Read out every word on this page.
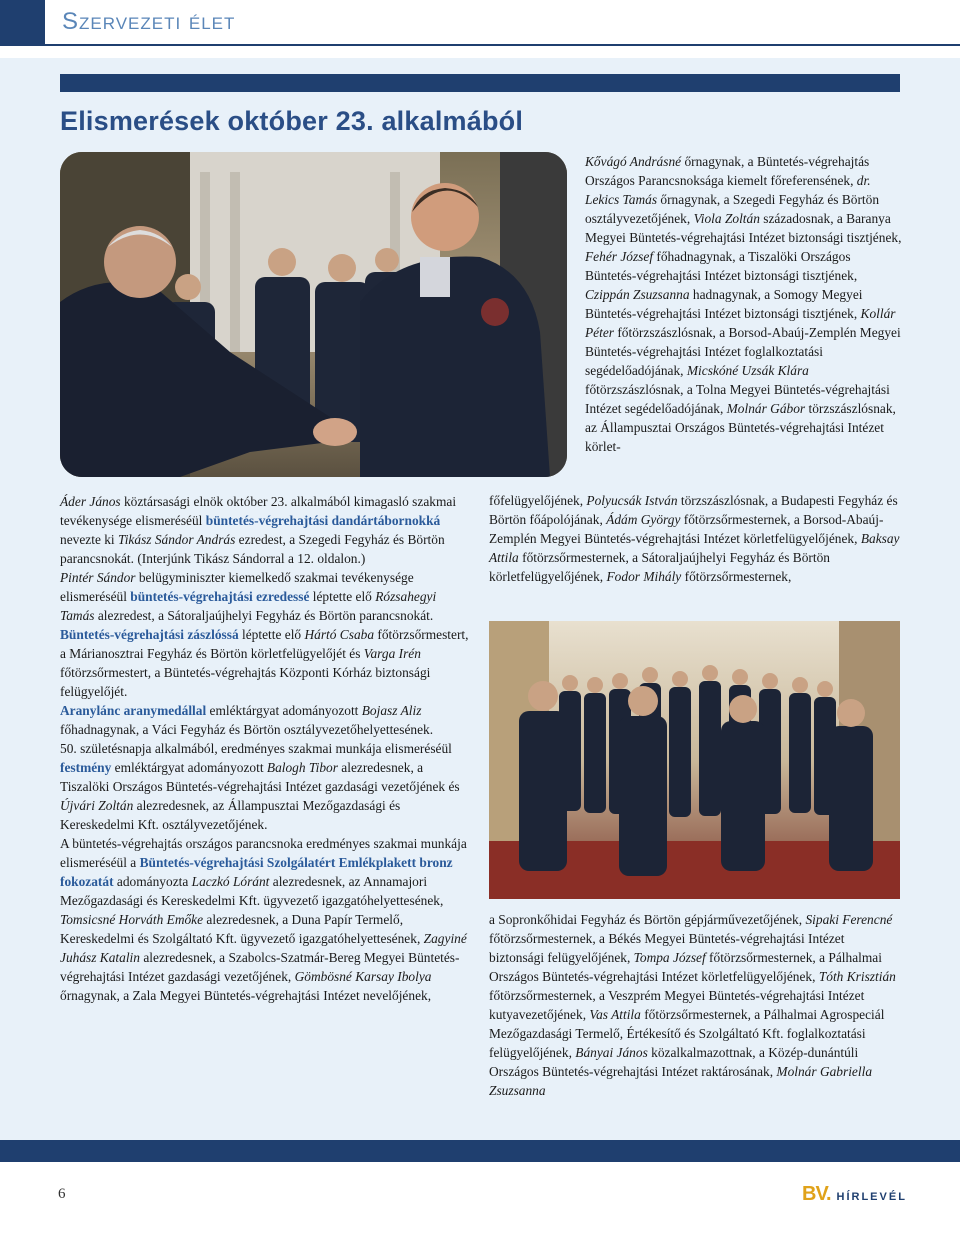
Szervezeti élet
Elismerések október 23. alkalmából

Áder János köztársasági elnök október 23. alkalmából kimagasló szakmai tevékenysége elismeréséül büntetés-végrehajtási dandártábornokká nevezte ki Tikász Sándor András ezredest, a Szegedi Fegyház és Börtön parancsnokát. (Interjúnk Tikász Sándorral a 12. oldalon.)

Pintér Sándor belügyminiszter kiemelkedő szakmai tevékenysége elismeréséül büntetés-végrehajtási ezredessé léptette elő Rózsahegyi Tamás alezredest, a Sátoraljaújhelyi Fegyház és Börtön parancsnokát.

Büntetés-végrehajtási zászlóssá léptette elő Hártó Csaba főtörzsőrmestert, a Márianosztrai Fegyház és Börtön körletfelügyelőjét és Varga Irén főtörzsőrmestert, a Büntetés-végrehajtás Központi Kórház biztonsági felügyelőjét.

Aranylánc aranymedállal emléktárgyat adományozott Bojasz Aliz főhadnagynak, a Váci Fegyház és Börtön osztályvezetőhelyettesének.

50. születésnapja alkalmából, eredményes szakmai munkája elismeréséül festmény emléktárgyat adományozott Balogh Tibor alezredesnek, a Tiszalöki Országos Büntetés-végrehajtási Intézet gazdasági vezetőjének és Újvári Zoltán alezredesnek, az Állampusztai Mezőgazdasági és Kereskedelmi Kft. osztályvezetőjének.

A büntetés-végrehajtás országos parancsnoka eredményes szakmai munkája elismeréséül a Büntetés-végrehajtási Szolgálatért Emlékplakett bronz fokozatát adományozta Laczkó Lóránt alezredesnek, az Annamajori Mezőgazdasági és Kereskedelmi Kft. ügyvezető igazgatóhelyettesének, Tomsicsné Horváth Emőke alezredesnek, a Duna Papír Termelő, Kereskedelmi és Szolgáltató Kft. ügyvezető igazgatóhelyettesének, Zagyiné Juhász Katalin alezredesnek, a Szabolcs-Szatmár-Bereg Megyei Büntetés-végrehajtási Intézet gazdasági vezetőjének, Gömbösné Karsay Ibolya őrnagynak, a Zala Megyei Büntetés-végrehajtási Intézet nevelőjének,

Kővágó Andrásné őrnagynak, a Büntetés-végrehajtás Országos Parancsnoksága kiemelt főreferensének, dr. Lekics Tamás őrnagynak, a Szegedi Fegyház és Börtön osztályvezetőjének, Viola Zoltán századosnak, a Baranya Megyei Büntetés-végrehajtási Intézet biztonsági tisztjének, Fehér József főhadnagynak, a Tiszalöki Országos Büntetés-végrehajtási Intézet biztonsági tisztjének, Czippán Zsuzsanna hadnagynak, a Somogy Megyei Büntetés-végrehajtási Intézet biztonsági tisztjének, Kollár Péter főtörzszászlósnak, a Borsod-Abaúj-Zemplén Megyei Büntetés-végrehajtási Intézet foglalkoztatási segédelőadójának, Micskóné Uzsák Klára főtörzszászlósnak, a Tolna Megyei Büntetés-végrehajtási Intézet segédelőadójának, Molnár Gábor törzszászlósnak, az Állampusztai Országos Büntetés-végrehajtási Intézet körlet-

főfelügyelőjének, Polyucsák István törzszászlósnak, a Budapesti Fegyház és Börtön főápolójának, Ádám György főtörzsőrmesternek, a Borsod-Abaúj-Zemplén Megyei Büntetés-végrehajtási Intézet körletfelügyelőjének, Baksay Attila főtörzsőrmesternek, a Sátoraljaújhelyi Fegyház és Börtön körletfelügyelőjének, Fodor Mihály főtörzsőrmesternek,

a Sopronkőhidai Fegyház és Börtön gépjárművezetőjének, Sipaki Ferencné főtörzsőrmesternek, a Békés Megyei Büntetés-végrehajtási Intézet biztonsági felügyelőjének, Tompa József főtörzsőrmesternek, a Pálhalmai Országos Büntetés-végrehajtási Intézet körletfelügyelőjének, Tóth Krisztián főtörzsőrmesternek, a Veszprém Megyei Büntetés-végrehajtási Intézet kutyavezetőjének, Vas Attila főtörzsőrmesternek, a Pálhalmai Agrospeciál Mezőgazdasági Termelő, Értékesítő és Szolgáltató Kft. foglalkoztatási felügyelőjének, Bányai János közalkalmazottnak, a Közép-dunántúli Országos Büntetés-végrehajtási Intézet raktárosának, Molnár Gabriella Zsuzsanna

6	BV. HÍRLEVÉL
